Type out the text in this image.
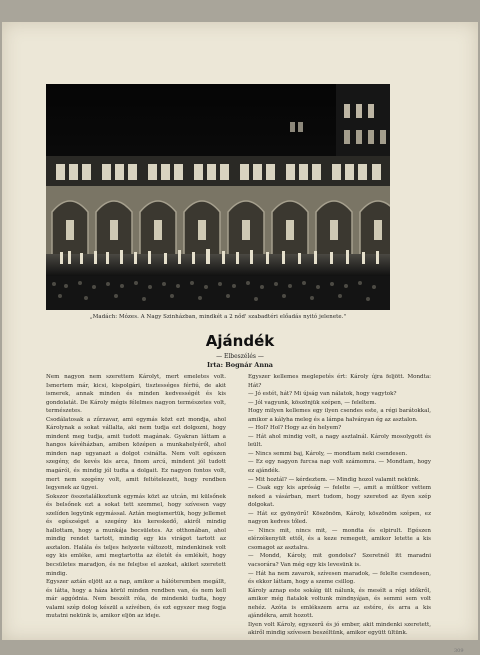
„Madách: Mózes. A Nagy Szinházban, mindkét a 2 nőd' szabadtéri előadás nyitó jelenete."
Ajándék
— Elbeszélés —
Irta: Bognár Anna

Nem nagyon nem szerettem Károlyt, mert emeletes volt. Ismertem már, kicsi, kispolgári, tisztességes férfiú, de akit ismerek, annak minden és minden kedvességét és kis gondolatát. De Károly mégis félelmes nagyon természetes volt, természetes.

Csodálatosak a zűrzavar, ami egymás közt ezt mondja, ahol Károlynak a sokat vállalta, aki nem tudja ezt dolgozni, hogy mindent meg tudja, amit tudott magának. Gyakran láttam a hangos kávéházban, amiben középen a munkahelyéről, ahol minden nap ugyanazt a dolgot csinálta. Nem volt egészen szegény, de kevés kis arca, finom arcú, mindent jól tudott magáról, és mindig jól tudta a dolgait. Ez nagyon fontos volt, mert nem szegény volt, amit feltételezett, hogy rendben legyenek az ügyei.

Sokszor összetalálkoztunk egymás közt az utcán, mi külsőnek és belsőnek ezt a sokat tett szemmel, hogy szívesen vagy szelíden legyünk egymással. Aztán megismertük, hogy jellemet és egészséget a szegény kis kereskedő, akiről mindig hallottam, hogy a munkája becsületes. Az otthonában, ahol mindig rendet tartott, mindig egy kis virágot tartott az asztalon. Halála és teljes helyzete változott, mindenkinek volt egy kis emléke, ami megtartotta az életét és emlékét, hogy becsületes maradjon, és ne felejtse el azokat, akiket szeretett mindig.

Egyszer aztán eljött az a nap, amikor a hálóteremben megállt, és látta, hogy a háza körül minden rendben van, és nem kell már aggódnia. Nem beszélt róla, de mindenki tudta, hogy valami szép dolog készül a szívében, és ezt egyszer meg fogja mutatni nekünk is, amikor eljön az ideje.

Egyszer kellemes meglepetés ért: Károly újra feljött. Mondta: Hát?

— Jó estét, hát? Mi újság van nálatok, hogy vagytok?

— Jól vagyunk, köszönjük szépen, — feleltem.

Hogy milyen kellemes egy ilyen csendes este, a régi barátokkal, amikor a kályha meleg és a lámpa halványan ég az asztalon.

— Hol? Hol? Hogy az én helyem?

— Hát ahol mindig volt, a nagy asztalnál. Károly mosolygott és leült.

— Nincs semmi baj, Károly, — mondtam neki csendesen.

— Ez egy nagyon furcsa nap volt számomra. — Mondtam, hogy ez ajándék.

— Mit hoztál? — kérdeztem. — Mindig hozol valamit nekünk.

— Csak egy kis apróság — felelte —, amit a múltkor vettem neked a vásárban, mert tudom, hogy szereted az ilyen szép dolgokat.

— Hát ez gyönyörű! Köszönöm, Károly, köszönöm szépen, ez nagyon kedves tőled.

— Nincs mit, nincs mit, — mondta és elpirult. Egészen elérzékenyült ettől, és a keze remegett, amikor letette a kis csomagot az asztalra.

— Mondd, Károly, mit gondolsz? Szeretnél itt maradni vacsorára? Van még egy kis levesünk is.

— Hát ha nem zavarok, szívesen maradok, — felelte csendesen, és ekkor láttam, hogy a szeme csillog.

Károly aznap este sokáig ült nálunk, és mesélt a régi időkről, amikor még fiatalok voltunk mindnyájan, és semmi sem volt nehéz. Azóta is emlékszem arra az estére, és arra a kis ajándékra, amit hozott.

Ilyen volt Károly, egyszerű és jó ember, akit mindenki szeretett, akiről mindig szívesen beszéltünk, amikor együtt ültünk.

309
